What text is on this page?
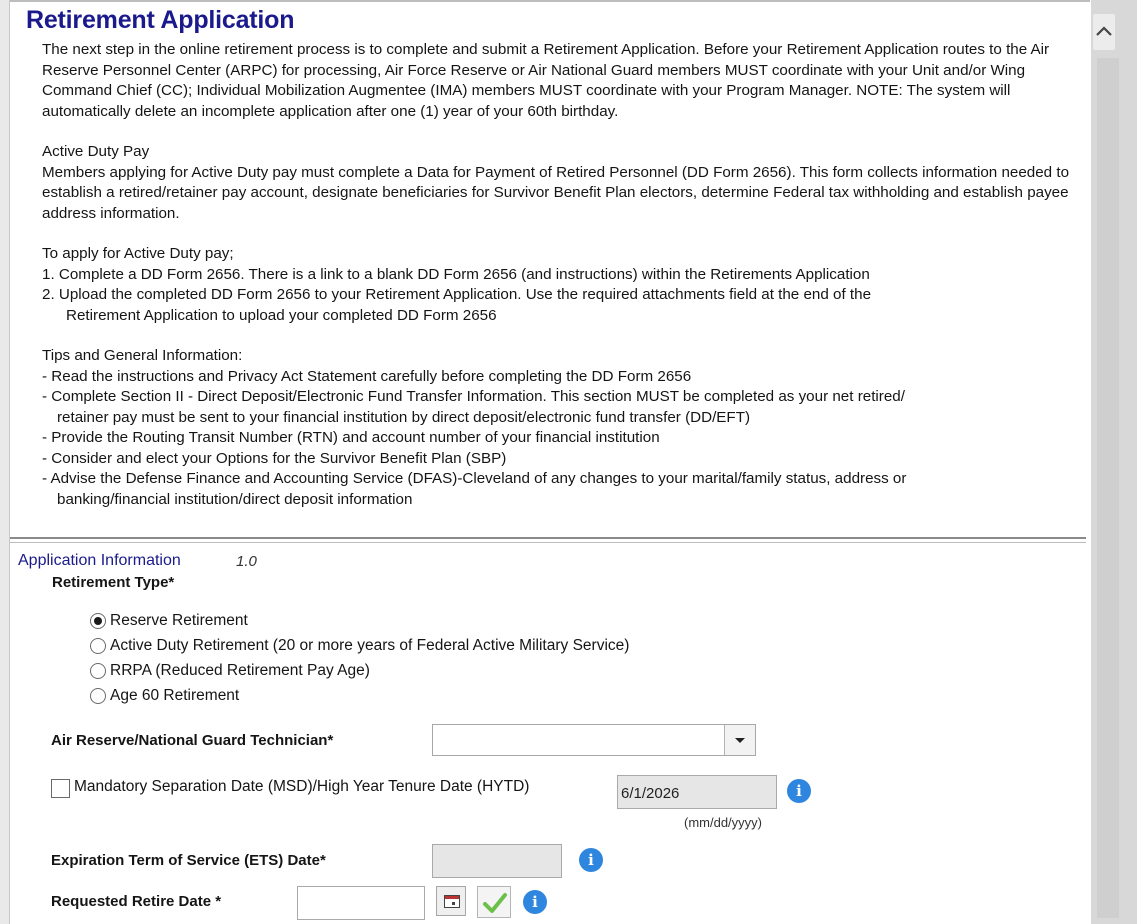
Retirement Application

The next step in the online retirement process is to complete and submit a Retirement Application. Before your Retirement Application routes to the Air Reserve Personnel Center (ARPC) for processing, Air Force Reserve or Air National Guard members MUST coordinate with your Unit and/or Wing Command Chief (CC); Individual Mobilization Augmentee (IMA) members MUST coordinate with your Program Manager. NOTE: The system will automatically delete an incomplete application after one (1) year of your 60th birthday.

Active Duty Pay

Members applying for Active Duty pay must complete a Data for Payment of Retired Personnel (DD Form 2656). This form collects information needed to establish a retired/retainer pay account, designate beneficiaries for Survivor Benefit Plan electors, determine Federal tax withholding and establish payee address information.

To apply for Active Duty pay;

1. Complete a DD Form 2656. There is a link to a blank DD Form 2656 (and instructions) within the Retirements Application

2. Upload the completed DD Form 2656 to your Retirement Application. Use the required attachments field at the end of the

Retirement Application to upload your completed DD Form 2656

Tips and General Information:

- Read the instructions and Privacy Act Statement carefully before completing the DD Form 2656

- Complete Section II - Direct Deposit/Electronic Fund Transfer Information. This section MUST be completed as your net retired/

retainer pay must be sent to your financial institution by direct deposit/electronic fund transfer (DD/EFT)

- Provide the Routing Transit Number (RTN) and account number of your financial institution

- Consider and elect your Options for the Survivor Benefit Plan (SBP)

- Advise the Defense Finance and Accounting Service (DFAS)-Cleveland of any changes to your marital/family status, address or

banking/financial institution/direct deposit information

Application Information	1.0
Retirement Type*
Reserve Retirement
Active Duty Retirement (20 or more years of Federal Active Military Service)
RRPA (Reduced Retirement Pay Age)
Age 60 Retirement
Air Reserve/National Guard Technician*
Mandatory Separation Date (MSD)/High Year Tenure Date (HYTD)	6/1/2026	i
(mm/dd/yyyy)
Expiration Term of Service (ETS) Date*	i
Requested Retire Date *	i
